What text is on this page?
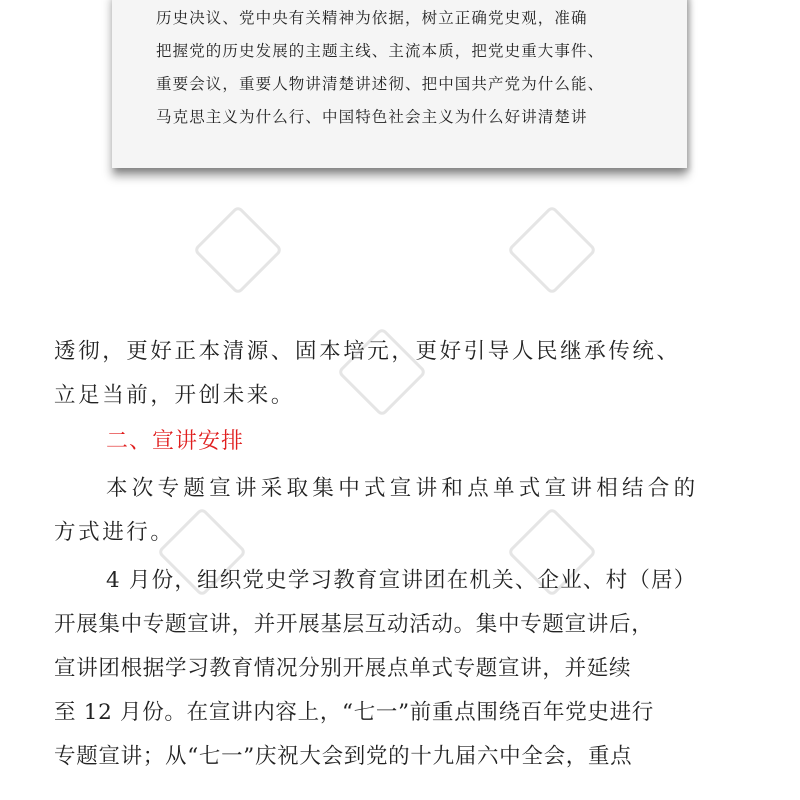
历史决议、党中央有关精神为依据，树立正确党史观，准确
把握党的历史发展的主题主线、主流本质，把党史重大事件、
重要会议，重要人物讲清楚讲述彻、把中国共产党为什么能、
马克思主义为什么行、中国特色社会主义为什么好讲清楚讲
透彻，更好正本清源、固本培元，更好引导人民继承传统、
立足当前，开创未来。
二、宣讲安排
本次专题宣讲采取集中式宣讲和点单式宣讲相结合的
方式进行。
4 月份，组织党史学习教育宣讲团在机关、企业、村（居）
开展集中专题宣讲，并开展基层互动活动。集中专题宣讲后，
宣讲团根据学习教育情况分别开展点单式专题宣讲，并延续
至 12 月份。在宣讲内容上，“七一”前重点围绕百年党史进行
专题宣讲；从“七一”庆祝大会到党的十九届六中全会，重点
